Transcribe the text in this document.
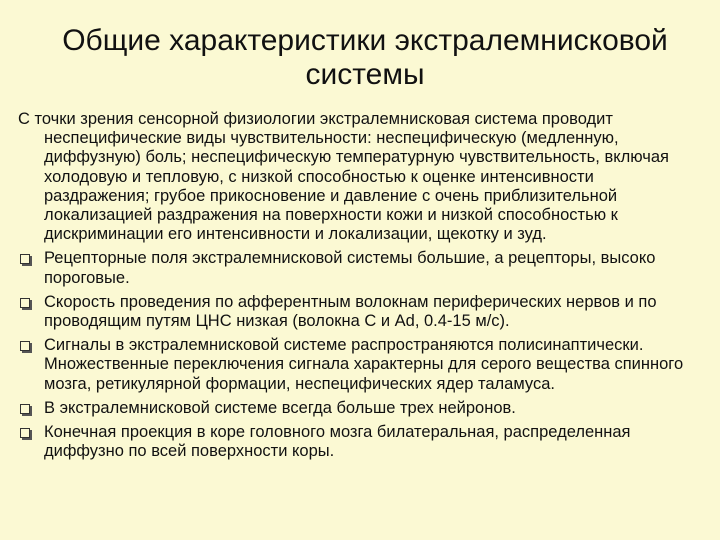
Общие характеристики экстралемнисковой системы

С точки зрения сенсорной физиологии экстралемнисковая система проводит неспецифические виды чувствительности: неспецифическую (медленную, диффузную) боль; неспецифическую температурную чувствительность, включая холодовую и тепловую, с низкой способностью к оценке интенсивности раздражения; грубое прикосновение и давление с очень приблизительной локализацией раздражения на поверхности кожи и низкой способностью к дискриминации его интенсивности и локализации, щекотку и зуд.

Рецепторные поля экстралемнисковой системы большие, а рецепторы, высоко пороговые.
Скорость проведения по афферентным волокнам периферических нервов и по проводящим путям ЦНС низкая (волокна С и Ad, 0.4-15 м/с).
Сигналы в экстралемнисковой системе распространяются полисинаптически. Множественные переключения сигнала характерны для серого вещества спинного мозга, ретикулярной формации, неспецифических ядер таламуса.
В экстралемнисковой системе всегда больше трех нейронов.
Конечная проекция в коре головного мозга билатеральная, распределенная диффузно по всей поверхности коры.
